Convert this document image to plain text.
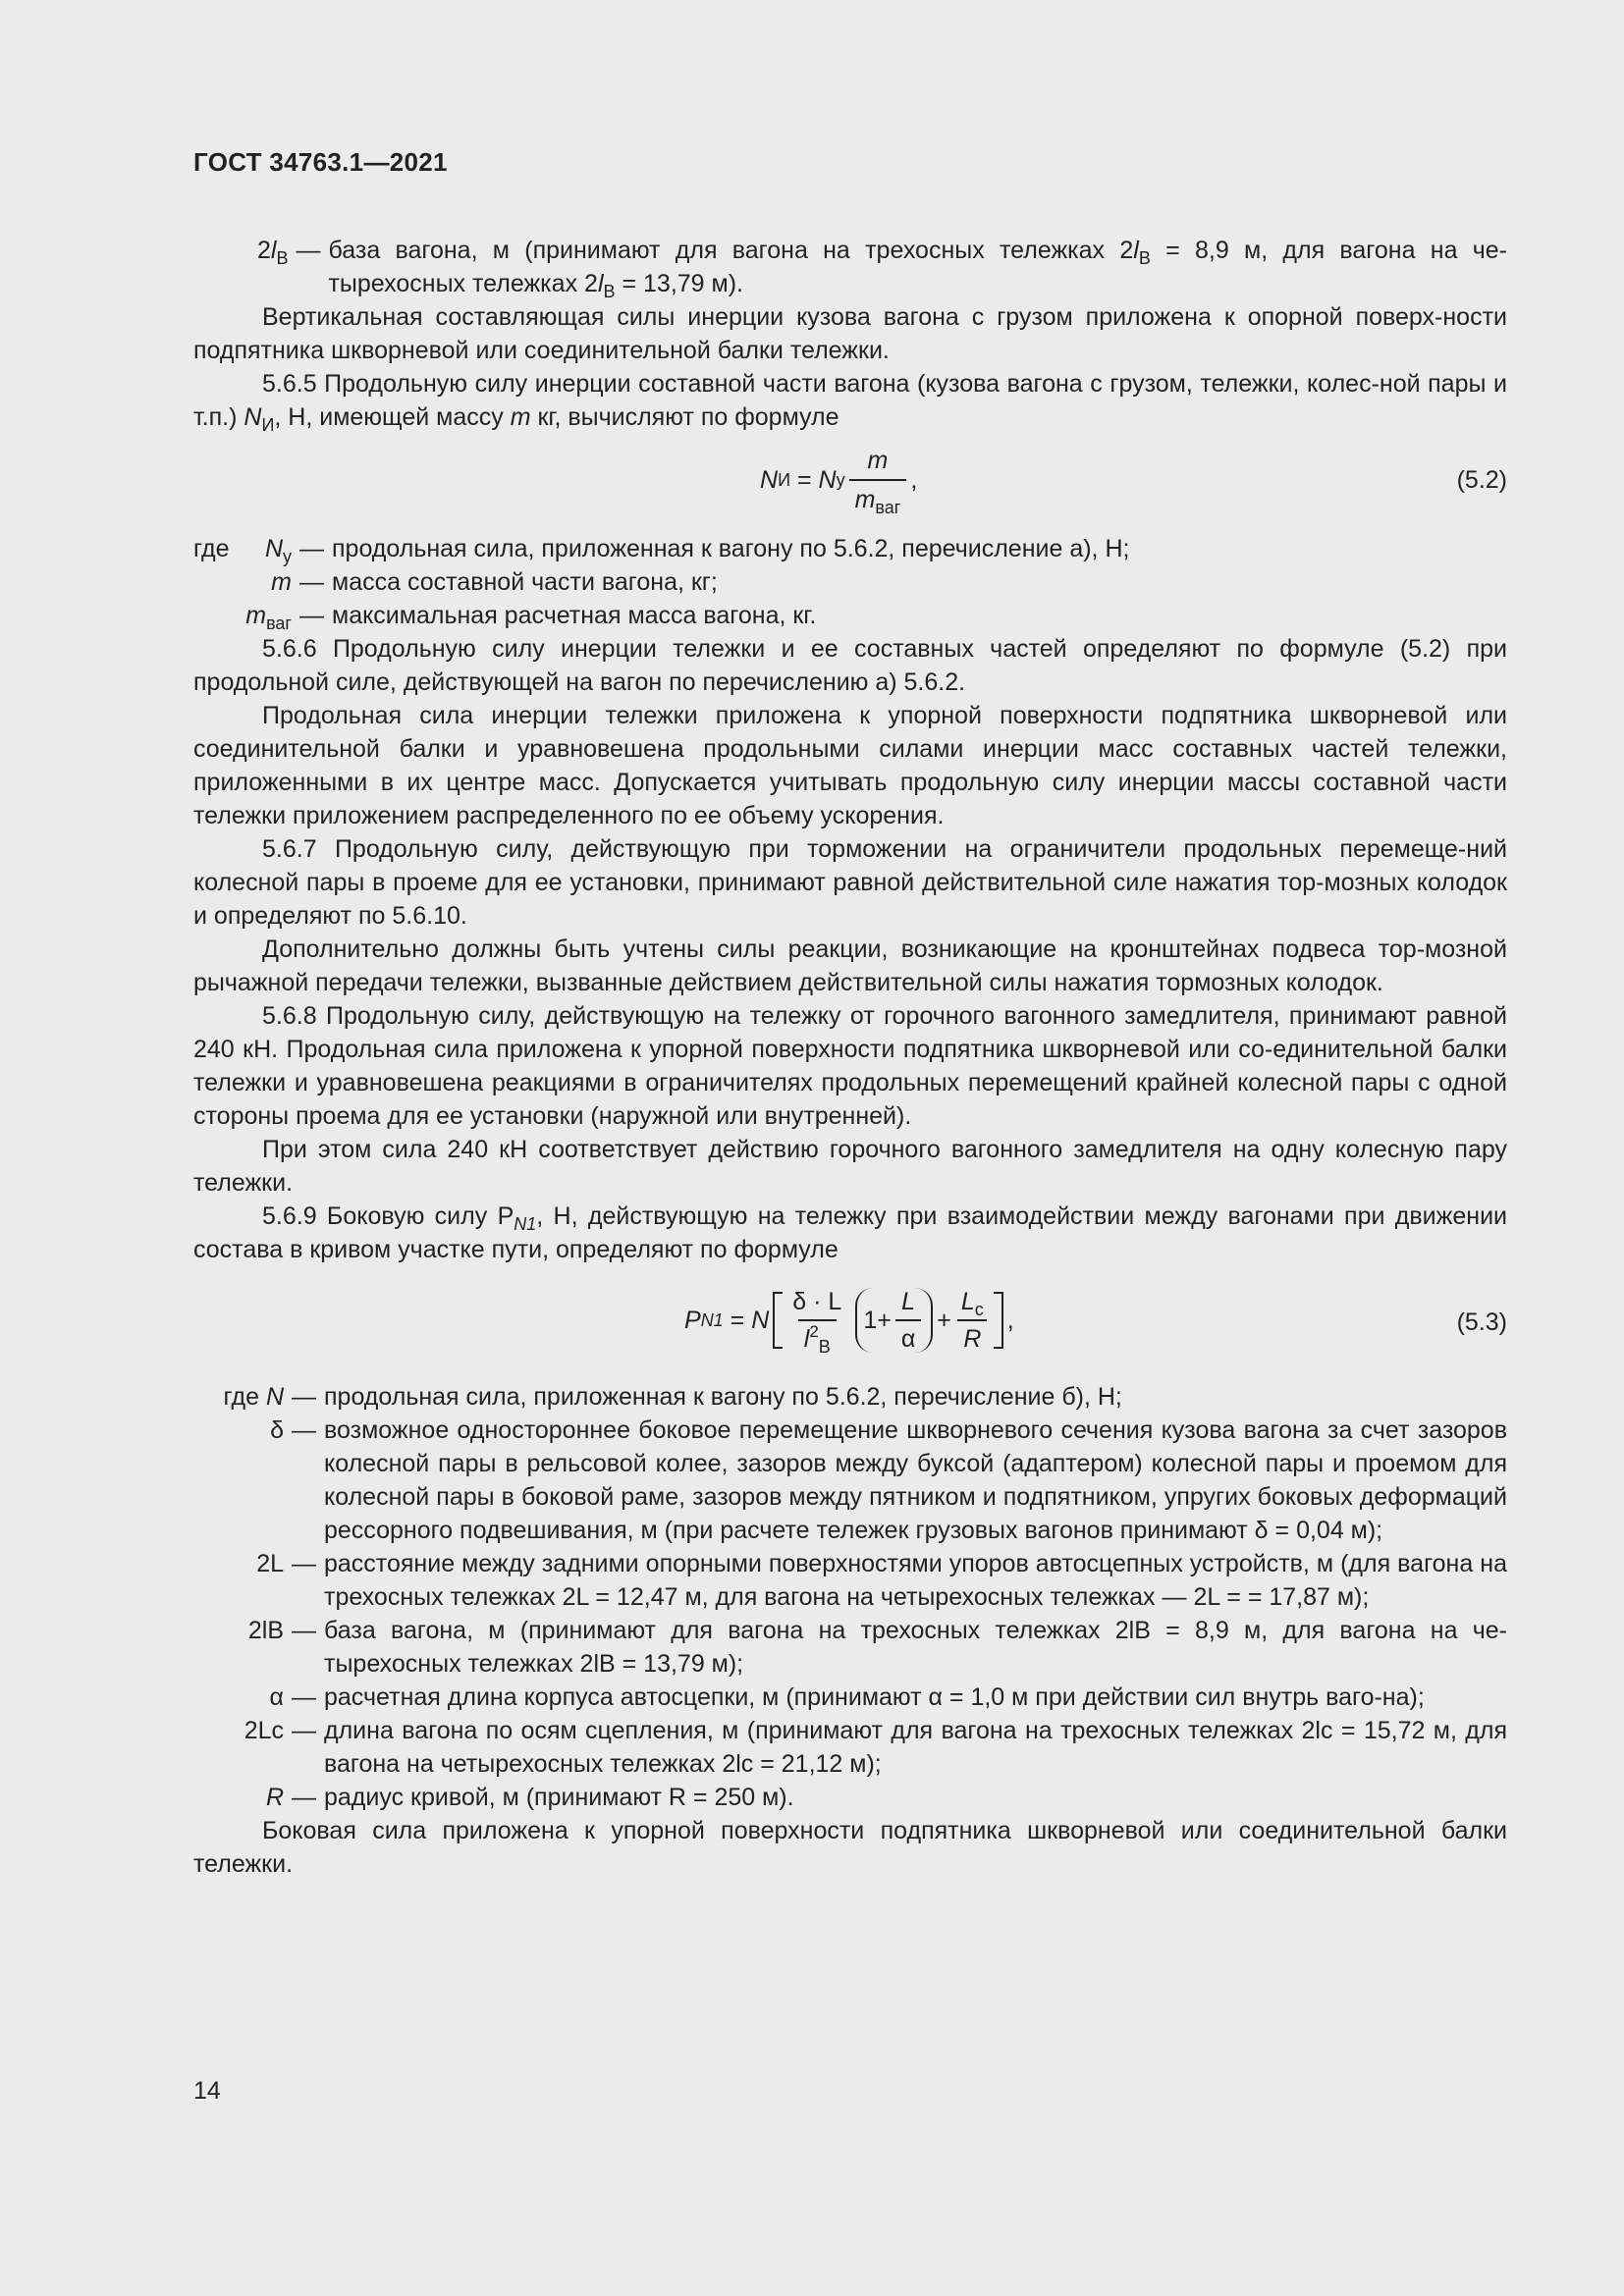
ГОСТ 34763.1—2021
$2l_В$ — база вагона, м (принимают для вагона на трехосных тележках $2l_В = 8,9$ м, для вагона на че- тырехосных тележках $2l_В = 13,79$ м).

Вертикальная составляющая силы инерции кузова вагона с грузом приложена к опорной поверх-ности подпятника шкворневой или соединительной балки тележки.

5.6.5 Продольную силу инерции составной части вагона (кузова вагона с грузом, тележки, колес-ной пары и т.п.) $N_И$, Н, имеющей массу m кг, вычисляют по формуле

N И = N у $\frac{m}{m_{ваг}}$ ,	(5.2)
где $N_у$ — продольная сила, приложенная к вагону по 5.6.2, перечисление а), Н;
m — масса составной части вагона, кг;
$m_{ваг}$ — максимальная расчетная масса вагона, кг.

5.6.6 Продольную силу инерции тележки и ее составных частей определяют по формуле (5.2) при продольной силе, действующей на вагон по перечислению а) 5.6.2.

Продольная сила инерции тележки приложена к упорной поверхности подпятника шкворневой или соединительной балки и уравновешена продольными силами инерции масс составных частей тележки, приложенными в их центре масс. Допускается учитывать продольную силу инерции массы составной части тележки приложением распределенного по ее объему ускорения.

5.6.7 Продольную силу, действующую при торможении на ограничители продольных перемеще-ний колесной пары в проеме для ее установки, принимают равной действительной силе нажатия тор-мозных колодок и определяют по 5.6.10.

Дополнительно должны быть учтены силы реакции, возникающие на кронштейнах подвеса тор-мозной рычажной передачи тележки, вызванные действием действительной силы нажатия тормозных колодок.

5.6.8 Продольную силу, действующую на тележку от горочного вагонного замедлителя, принимают равной 240 кН. Продольная сила приложена к упорной поверхности подпятника шкворневой или со-единительной балки тележки и уравновешена реакциями в ограничителях продольных перемещений крайней колесной пары с одной стороны проема для ее установки (наружной или внутренней).

При этом сила 240 кН соответствует действию горочного вагонного замедлителя на одну колесную пару тележки.

5.6.9 Боковую силу $P_{N1}$, Н, действующую на тележку при взаимодействии между вагонами при движении состава в кривом участке пути, определяют по формуле

P N1 = N $\frac{\delta \cdot L}{l^2_В} 1+ \frac{L}{\alpha} + \frac{L_c}{R}$ ,	(5.3)
где N — продольная сила, приложенная к вагону по 5.6.2, перечисление б), Н;
δ — возможное одностороннее боковое перемещение шкворневого сечения кузова вагона за счет зазоров колесной пары в рельсовой колее, зазоров между буксой (адаптером) колесной пары и проемом для колесной пары в боковой раме, зазоров между пятником и подпятником, упругих боковых деформаций рессорного подвешивания, м (при расчете тележек грузовых вагонов принимают δ = 0,04 м);
2L — расстояние между задними опорными поверхностями упоров автосцепных устройств, м (для вагона на трехосных тележках 2L = 12,47 м, для вагона на четырехосных тележках — 2L = = 17,87 м);
2lВ — база вагона, м (принимают для вагона на трехосных тележках 2lВ = 8,9 м, для вагона на че-тырехосных тележках 2lВ = 13,79 м);
α — расчетная длина корпуса автосцепки, м (принимают α = 1,0 м при действии сил внутрь ваго-на);
2Lc — длина вагона по осям сцепления, м (принимают для вагона на трехосных тележках 2lc = 15,72 м, для вагона на четырехосных тележках 2lc = 21,12 м);
R — радиус кривой, м (принимают R = 250 м).

Боковая сила приложена к упорной поверхности подпятника шкворневой или соединительной балки тележки.

14
